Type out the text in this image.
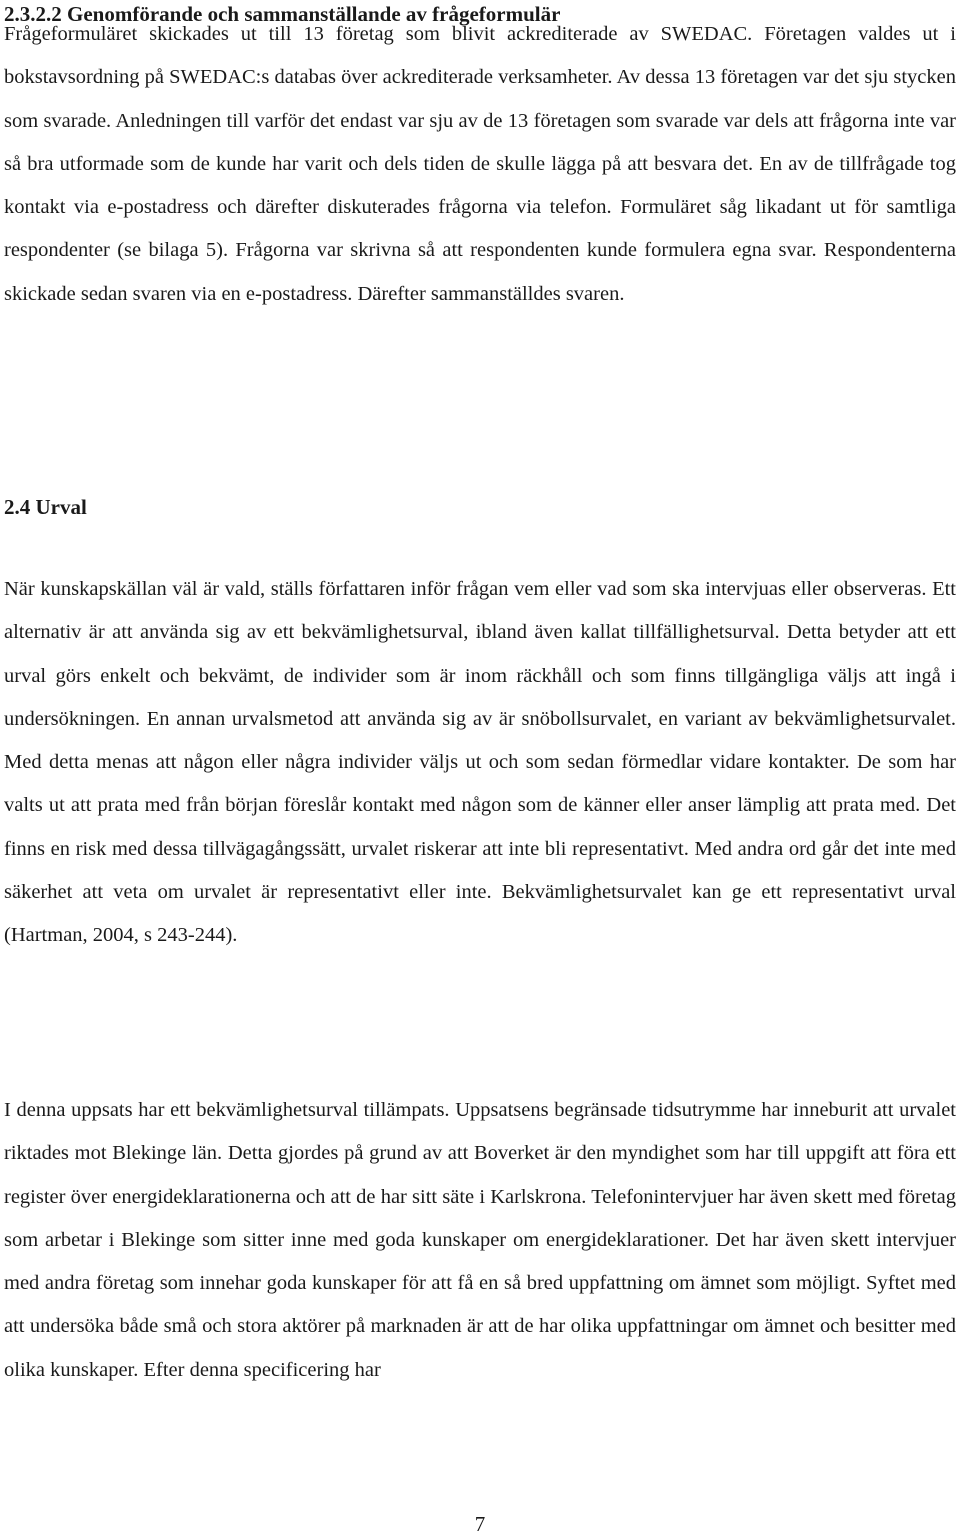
2.3.2.2 Genomförande och sammanställande av frågeformulär

Frågeformuläret skickades ut till 13 företag som blivit ackrediterade av SWEDAC. Företagen valdes ut i bokstavsordning på SWEDAC:s databas över ackrediterade verksamheter. Av dessa 13 företagen var det sju stycken som svarade. Anledningen till varför det endast var sju av de 13 företagen som svarade var dels att frågorna inte var så bra utformade som de kunde har varit och dels tiden de skulle lägga på att besvara det. En av de tillfrågade tog kontakt via e-postadress och därefter diskuterades frågorna via telefon. Formuläret såg likadant ut för samtliga respondenter (se bilaga 5). Frågorna var skrivna så att respondenten kunde formulera egna svar. Respondenterna skickade sedan svaren via en e-postadress. Därefter sammanställdes svaren.

2.4 Urval

När kunskapskällan väl är vald, ställs författaren inför frågan vem eller vad som ska intervjuas eller observeras. Ett alternativ är att använda sig av ett bekvämlighetsurval, ibland även kallat tillfällighetsurval. Detta betyder att ett urval görs enkelt och bekvämt, de individer som är inom räckhåll och som finns tillgängliga väljs att ingå i undersökningen. En annan urvalsmetod att använda sig av är snöbollsurvalet, en variant av bekvämlighetsurvalet. Med detta menas att någon eller några individer väljs ut och som sedan förmedlar vidare kontakter. De som har valts ut att prata med från början föreslår kontakt med någon som de känner eller anser lämplig att prata med. Det finns en risk med dessa tillvägagångssätt, urvalet riskerar att inte bli representativt. Med andra ord går det inte med säkerhet att veta om urvalet är representativt eller inte. Bekvämlighetsurvalet kan ge ett representativt urval (Hartman, 2004, s 243-244).

I denna uppsats har ett bekvämlighetsurval tillämpats. Uppsatsens begränsade tidsutrymme har inneburit att urvalet riktades mot Blekinge län. Detta gjordes på grund av att Boverket är den myndighet som har till uppgift att föra ett register över energideklarationerna och att de har sitt säte i Karlskrona. Telefonintervjuer har även skett med företag som arbetar i Blekinge som sitter inne med goda kunskaper om energideklarationer. Det har även skett intervjuer med andra företag som innehar goda kunskaper för att få en så bred uppfattning om ämnet som möjligt. Syftet med att undersöka både små och stora aktörer på marknaden är att de har olika uppfattningar om ämnet och besitter med olika kunskaper. Efter denna specificering har

7
